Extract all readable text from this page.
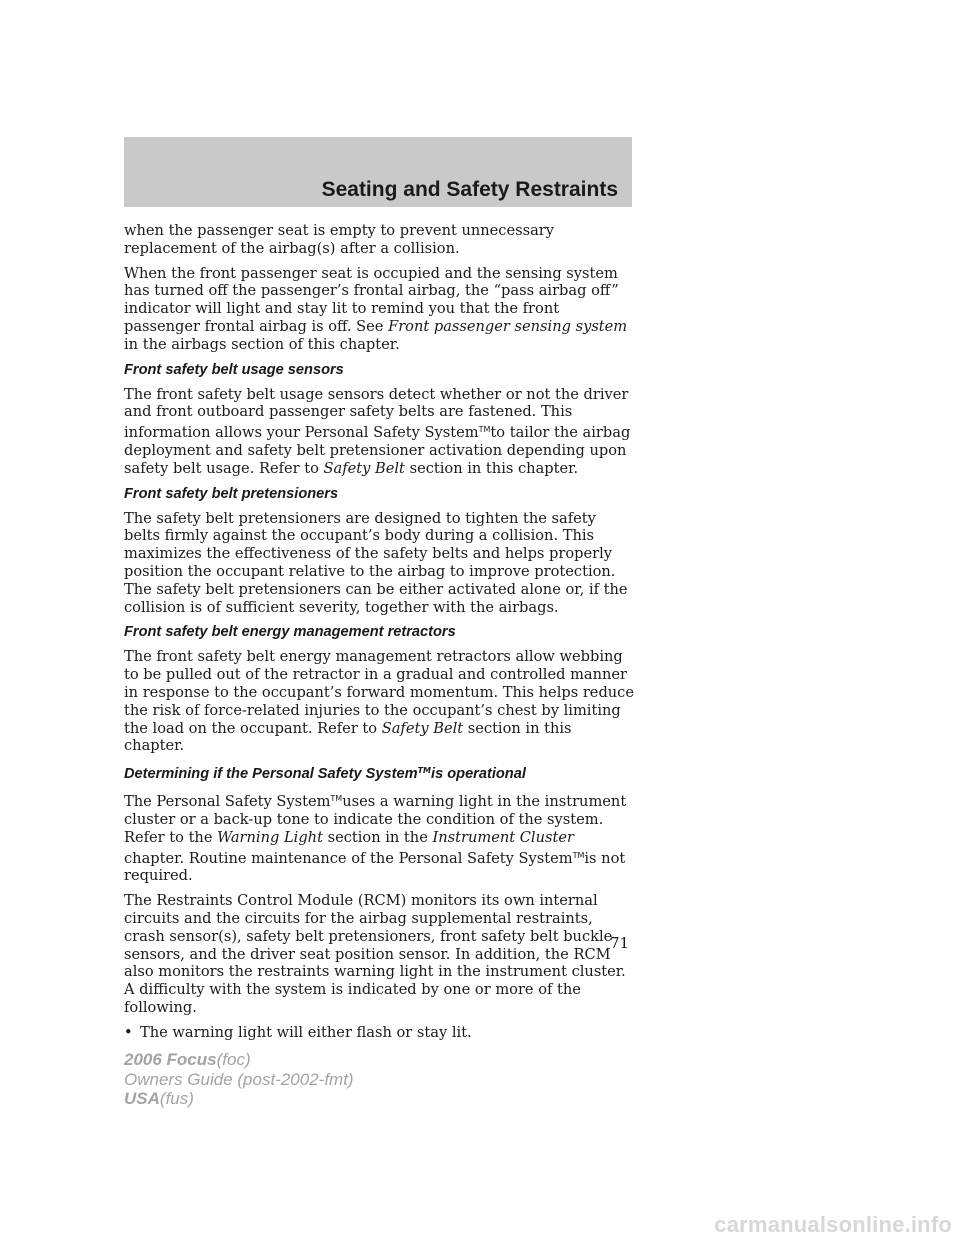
Seating and Safety Restraints

when the passenger seat is empty to prevent unnecessary replacement of the airbag(s) after a collision.

When the front passenger seat is occupied and the sensing system has turned off the passenger’s frontal airbag, the “pass airbag off” indicator will light and stay lit to remind you that the front passenger frontal airbag is off. See Front passenger sensing system in the airbags section of this chapter.

Front safety belt usage sensors

The front safety belt usage sensors detect whether or not the driver and front outboard passenger safety belts are fastened. This information allows your Personal Safety System™to tailor the airbag deployment and safety belt pretensioner activation depending upon safety belt usage. Refer to Safety Belt section in this chapter.

Front safety belt pretensioners

The safety belt pretensioners are designed to tighten the safety belts firmly against the occupant’s body during a collision. This maximizes the effectiveness of the safety belts and helps properly position the occupant relative to the airbag to improve protection. The safety belt pretensioners can be either activated alone or, if the collision is of sufficient severity, together with the airbags.

Front safety belt energy management retractors

The front safety belt energy management retractors allow webbing to be pulled out of the retractor in a gradual and controlled manner in response to the occupant’s forward momentum. This helps reduce the risk of force-related injuries to the occupant’s chest by limiting the load on the occupant. Refer to Safety Belt section in this chapter.

Determining if the Personal Safety System™is operational

The Personal Safety System™uses a warning light in the instrument cluster or a back-up tone to indicate the condition of the system. Refer to the Warning Light section in the Instrument Cluster chapter. Routine maintenance of the Personal Safety System™is not required.

The Restraints Control Module (RCM) monitors its own internal circuits and the circuits for the airbag supplemental restraints, crash sensor(s), safety belt pretensioners, front safety belt buckle sensors, and the driver seat position sensor. In addition, the RCM also monitors the restraints warning light in the instrument cluster. A difficulty with the system is indicated by one or more of the following.

• The warning light will either flash or stay lit.
71
2006 Focus(foc)
Owners Guide (post-2002-fmt)
USA(fus)
carmanualsonline.info
